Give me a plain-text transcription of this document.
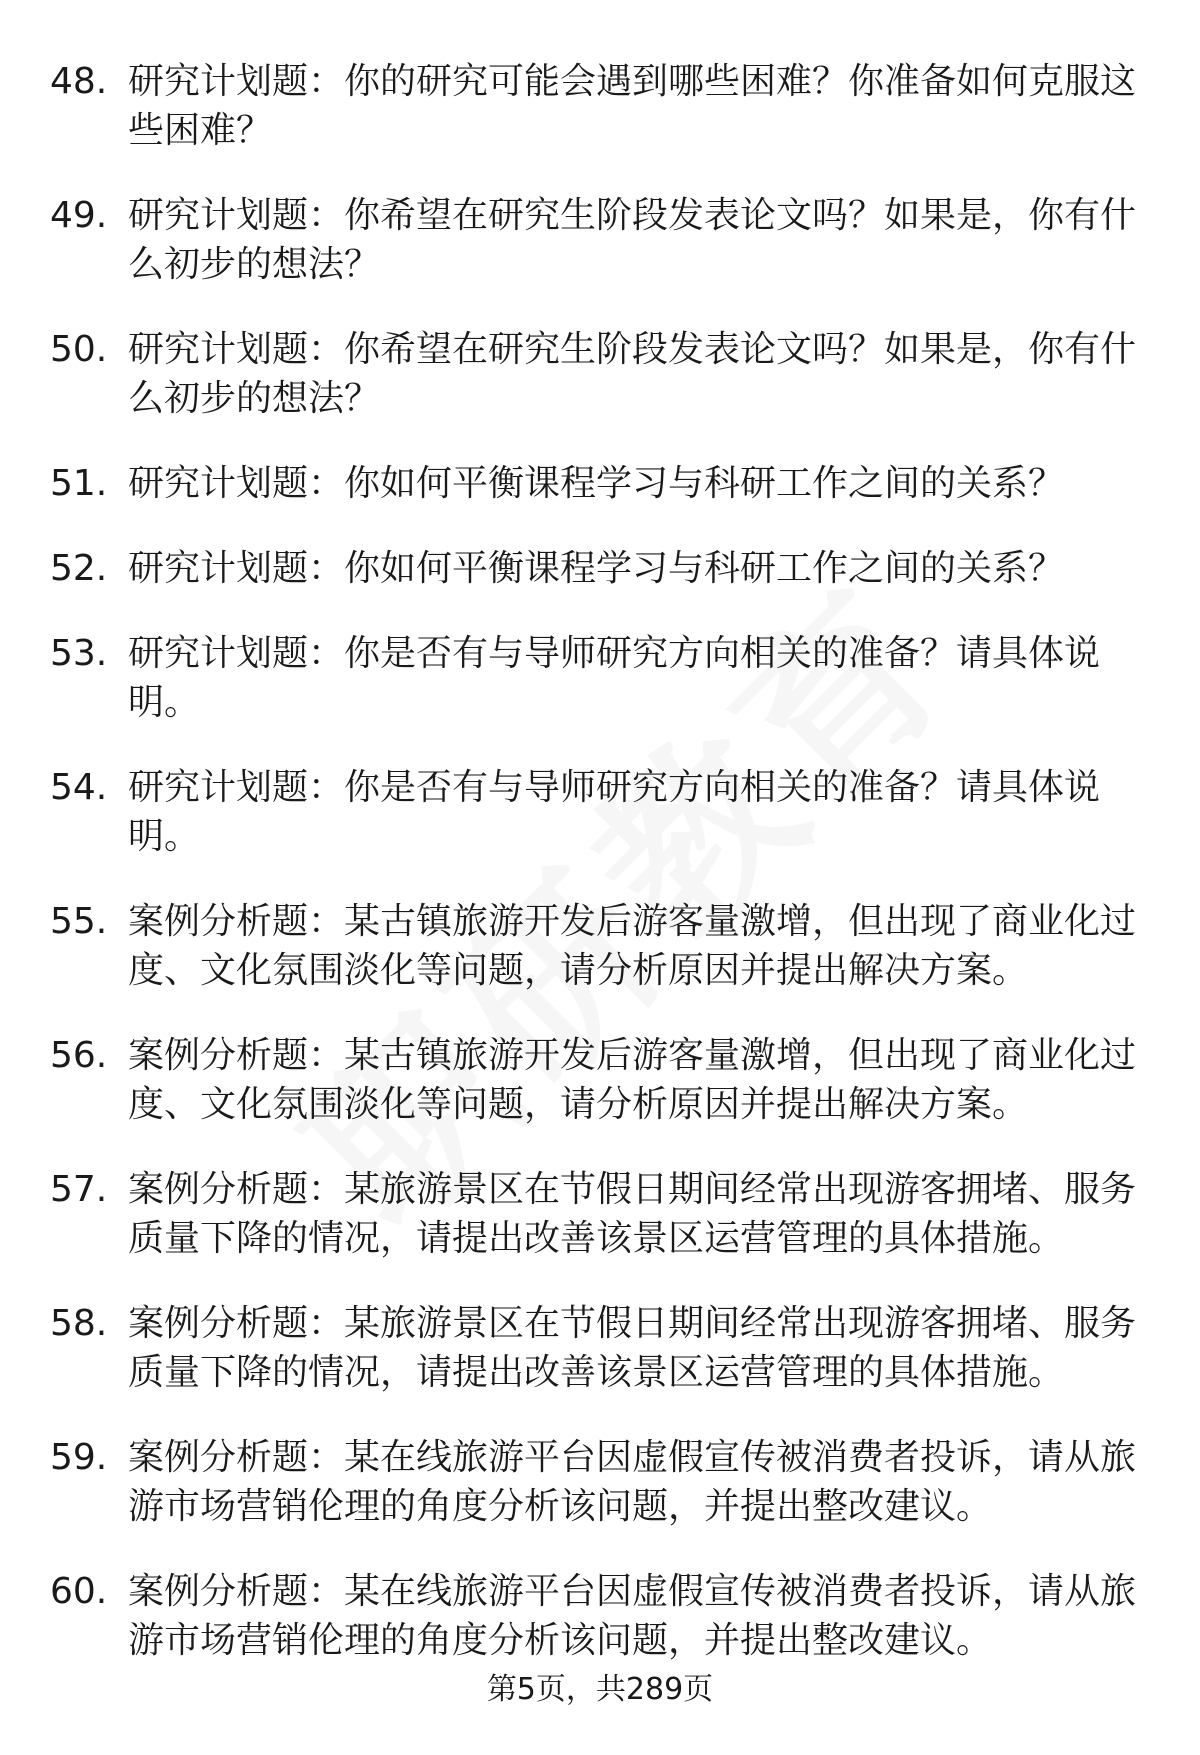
48. 研究计划题：你的研究可能会遇到哪些困难？你准备如何克服这些困难？
49. 研究计划题：你希望在研究生阶段发表论文吗？如果是，你有什么初步的想法？
50. 研究计划题：你希望在研究生阶段发表论文吗？如果是，你有什么初步的想法？
51. 研究计划题：你如何平衡课程学习与科研工作之间的关系？
52. 研究计划题：你如何平衡课程学习与科研工作之间的关系？
53. 研究计划题：你是否有与导师研究方向相关的准备？请具体说明。
54. 研究计划题：你是否有与导师研究方向相关的准备？请具体说明。
55. 案例分析题：某古镇旅游开发后游客量激增，但出现了商业化过度、文化氛围淡化等问题，请分析原因并提出解决方案。
56. 案例分析题：某古镇旅游开发后游客量激增，但出现了商业化过度、文化氛围淡化等问题，请分析原因并提出解决方案。
57. 案例分析题：某旅游景区在节假日期间经常出现游客拥堵、服务质量下降的情况，请提出改善该景区运营管理的具体措施。
58. 案例分析题：某旅游景区在节假日期间经常出现游客拥堵、服务质量下降的情况，请提出改善该景区运营管理的具体措施。
59. 案例分析题：某在线旅游平台因虚假宣传被消费者投诉，请从旅游市场营销伦理的角度分析该问题，并提出整改建议。
60. 案例分析题：某在线旅游平台因虚假宣传被消费者投诉，请从旅游市场营销伦理的角度分析该问题，并提出整改建议。
第5页，共289页
